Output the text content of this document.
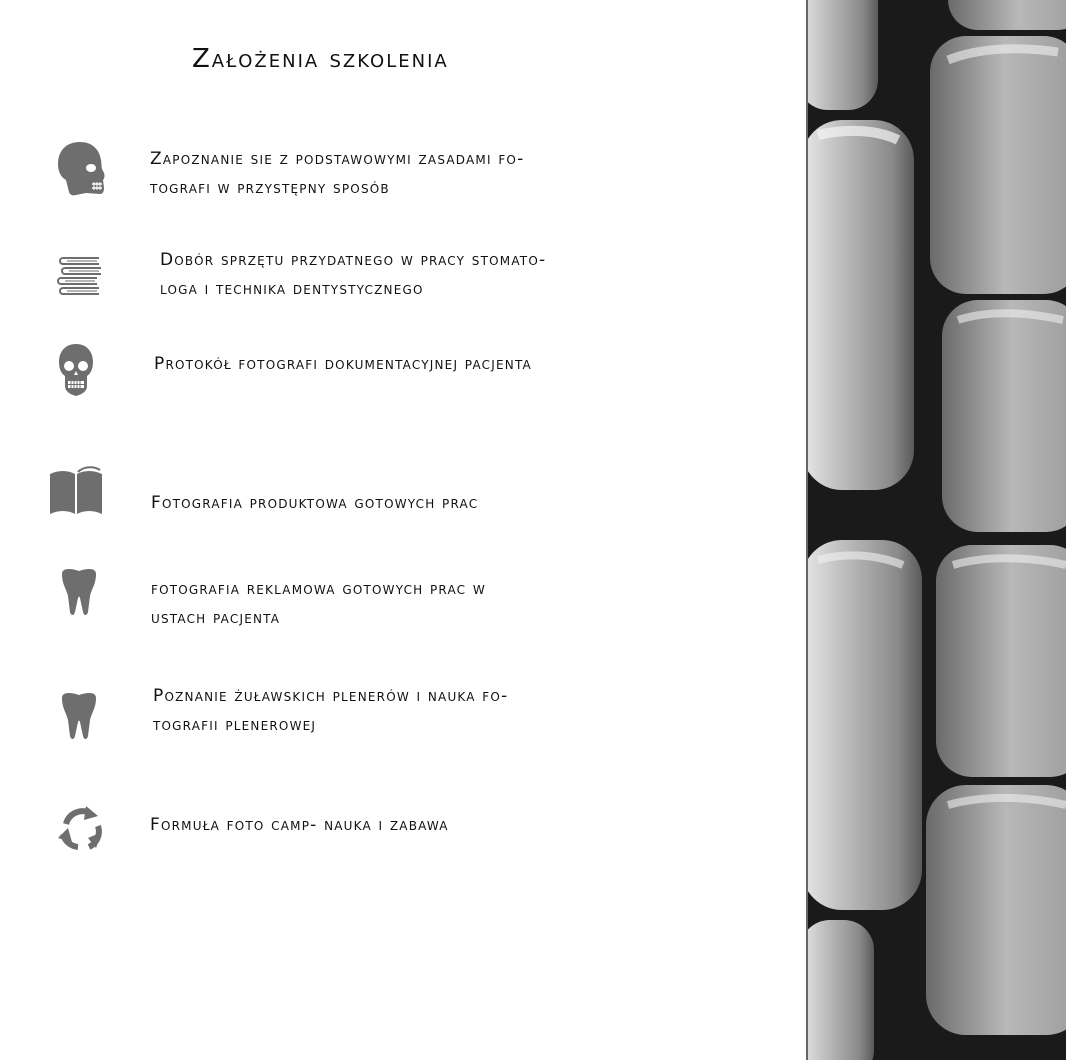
Założenia szkolenia
Zapoznanie sie z podstawowymi zasadami fo-
tografi w przystępny sposób
Dobór sprzętu przydatnego w pracy stomato-
loga i technika dentystycznego
Protokół fotografi dokumentacyjnej pacjenta
Fotografia produktowa gotowych prac
fotografia reklamowa gotowych prac w
ustach pacjenta
Poznanie żuławskich plenerów i nauka fo-
tografii plenerowej
Formuła foto camp- nauka i zabawa
